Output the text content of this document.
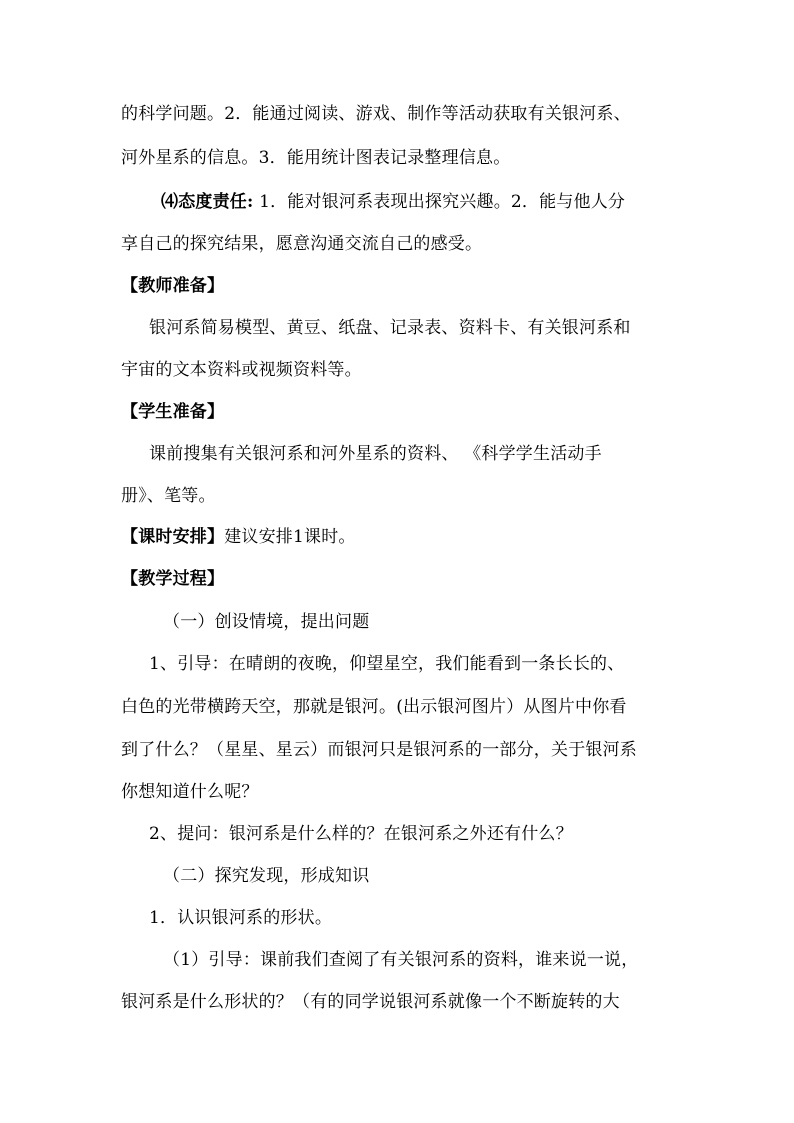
的科学问题。2．能通过阅读、游戏、制作等活动获取有关银河系、
河外星系的信息。3．能用统计图表记录整理信息。
⑷态度责任: 1．能对银河系表现出探究兴趣。2．能与他人分
享自己的探究结果，愿意沟通交流自己的感受。
【教师准备】
银河系简易模型、黄豆、纸盘、记录表、资料卡、有关银河系和
宇宙的文本资料或视频资料等。
【学生准备】
课前搜集有关银河系和河外星系的资料、 《科学学生活动手
册》、笔等。
【课时安排】建议安排1课时。
【教学过程】
（一）创设情境，提出问题
1、引导：在晴朗的夜晚，仰望星空，我们能看到一条长长的、
白色的光带横跨天空，那就是银河。(出示银河图片）从图片中你看
到了什么？（星星、星云）而银河只是银河系的一部分，关于银河系
你想知道什么呢？
2、提问：银河系是什么样的？在银河系之外还有什么？
（二）探究发现，形成知识
1．认识银河系的形状。
（1）引导：课前我们查阅了有关银河系的资料，谁来说一说，
银河系是什么形状的？（有的同学说银河系就像一个不断旋转的大
